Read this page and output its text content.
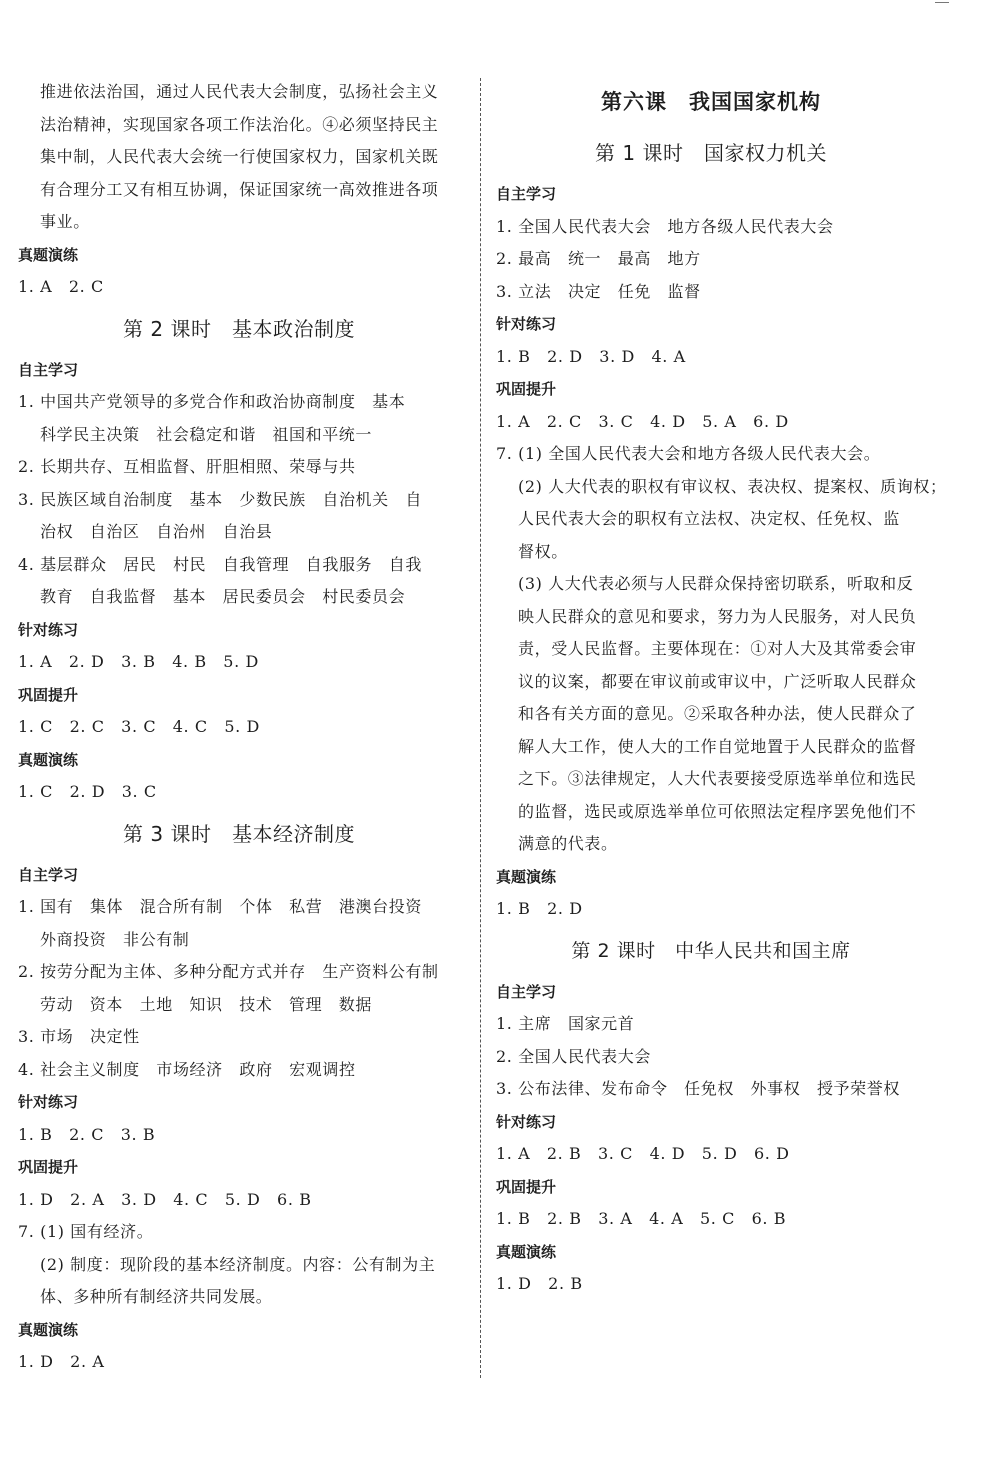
推进依法治国，通过人民代表大会制度，弘扬社会主义
法治精神，实现国家各项工作法治化。④必须坚持民主
集中制，人民代表大会统一行使国家权力，国家机关既
有合理分工又有相互协调，保证国家统一高效推进各项
事业。
真题演练
1. A　2. C
第 2 课时　基本政治制度
自主学习
1. 中国共产党领导的多党合作和政治协商制度　基本
科学民主决策　社会稳定和谐　祖国和平统一
2. 长期共存、互相监督、肝胆相照、荣辱与共
3. 民族区域自治制度　基本　少数民族　自治机关　自
治权　自治区　自治州　自治县
4. 基层群众　居民　村民　自我管理　自我服务　自我
教育　自我监督　基本　居民委员会　村民委员会
针对练习
1. A　2. D　3. B　4. B　5. D
巩固提升
1. C　2. C　3. C　4. C　5. D
真题演练
1. C　2. D　3. C
第 3 课时　基本经济制度
自主学习
1. 国有　集体　混合所有制　个体　私营　港澳台投资
外商投资　非公有制
2. 按劳分配为主体、多种分配方式并存　生产资料公有制
劳动　资本　土地　知识　技术　管理　数据
3. 市场　决定性
4. 社会主义制度　市场经济　政府　宏观调控
针对练习
1. B　2. C　3. B
巩固提升
1. D　2. A　3. D　4. C　5. D　6. B
7. (1) 国有经济。
(2) 制度：现阶段的基本经济制度。内容：公有制为主
体、多种所有制经济共同发展。
真题演练
1. D　2. A
第六课　我国国家机构
第 1 课时　国家权力机关
自主学习
1. 全国人民代表大会　地方各级人民代表大会
2. 最高　统一　最高　地方
3. 立法　决定　任免　监督
针对练习
1. B　2. D　3. D　4. A
巩固提升
1. A　2. C　3. C　4. D　5. A　6. D
7. (1) 全国人民代表大会和地方各级人民代表大会。
(2) 人大代表的职权有审议权、表决权、提案权、质询权；
人民代表大会的职权有立法权、决定权、任免权、监
督权。
(3) 人大代表必须与人民群众保持密切联系，听取和反
映人民群众的意见和要求，努力为人民服务，对人民负
责，受人民监督。主要体现在：①对人大及其常委会审
议的议案，都要在审议前或审议中，广泛听取人民群众
和各有关方面的意见。②采取各种办法，使人民群众了
解人大工作，使人大的工作自觉地置于人民群众的监督
之下。③法律规定，人大代表要接受原选举单位和选民
的监督，选民或原选举单位可依照法定程序罢免他们不
满意的代表。
真题演练
1. B　2. D
第 2 课时　中华人民共和国主席
自主学习
1. 主席　国家元首
2. 全国人民代表大会
3. 公布法律、发布命令　任免权　外事权　授予荣誉权
针对练习
1. A　2. B　3. C　4. D　5. D　6. D
巩固提升
1. B　2. B　3. A　4. A　5. C　6. B
真题演练
1. D　2. B
